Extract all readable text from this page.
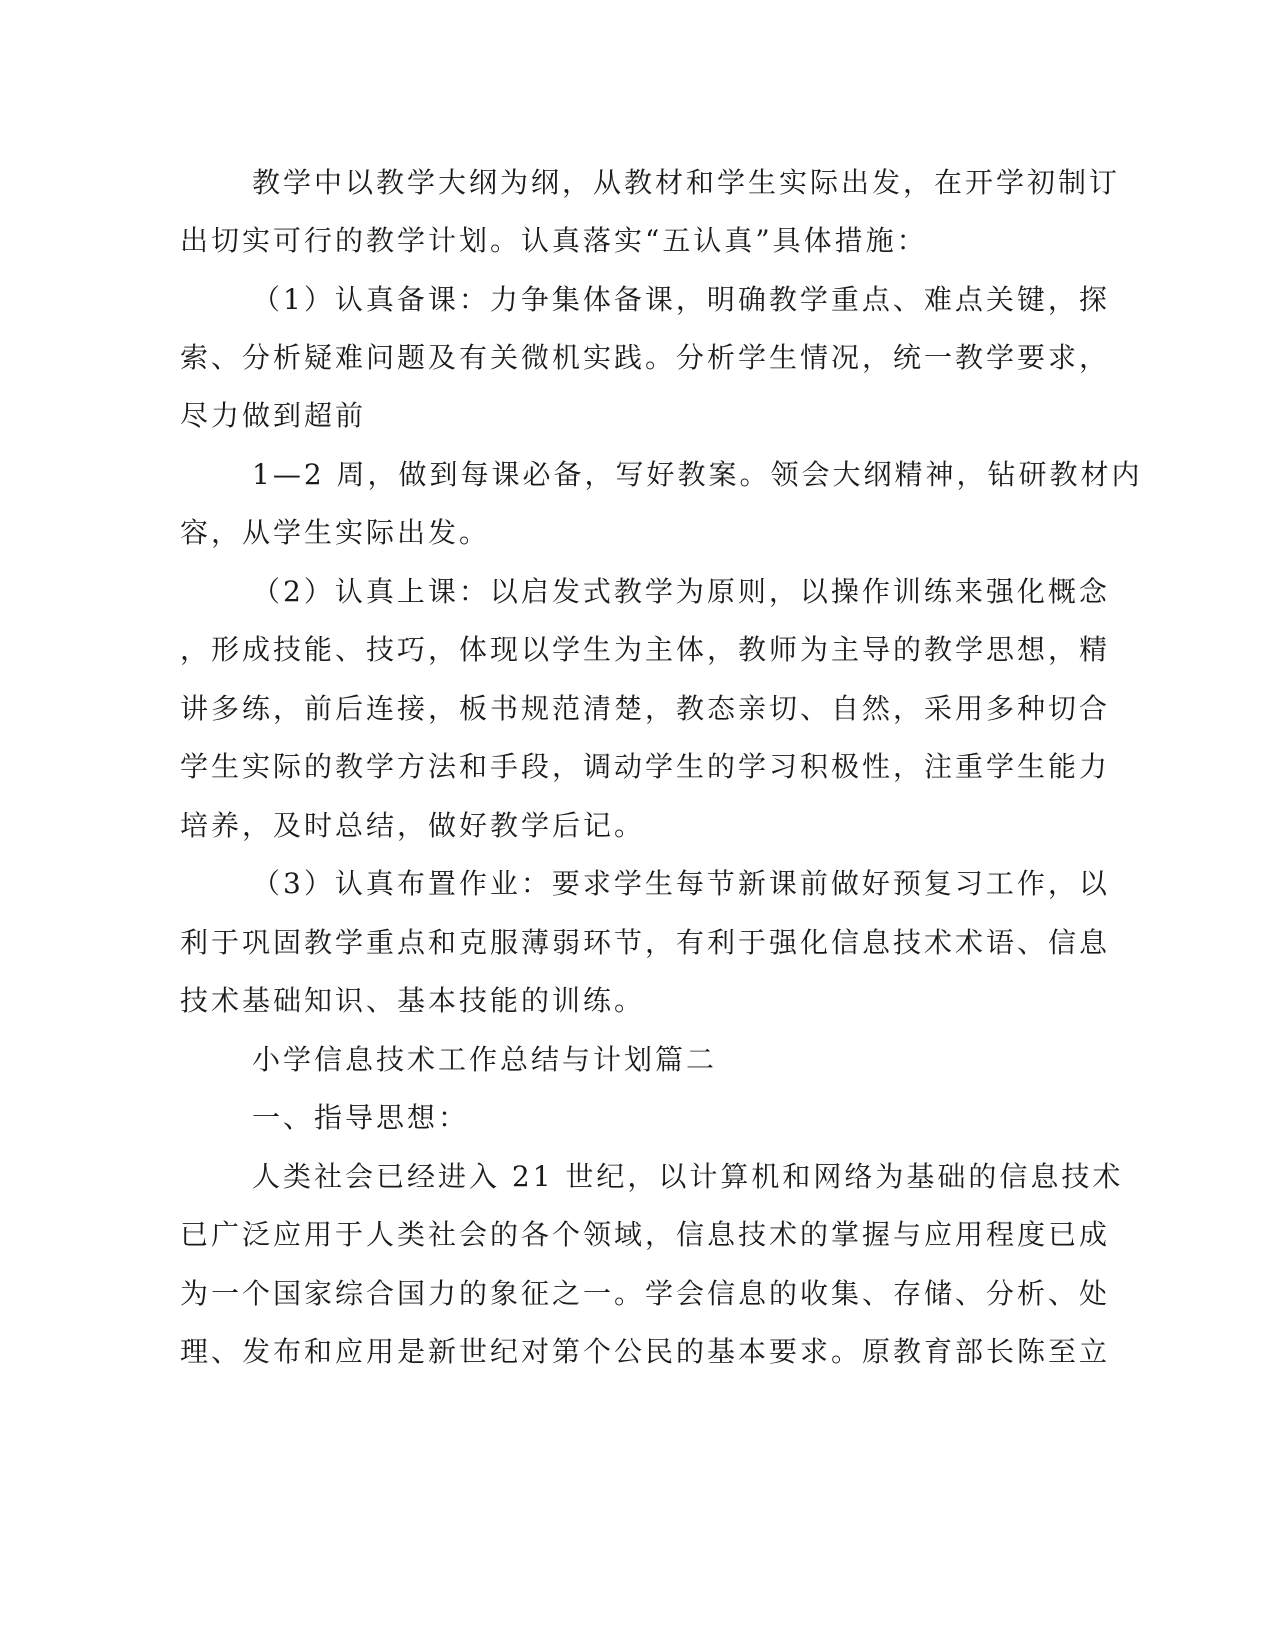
教学中以教学大纲为纲，从教材和学生实际出发，在开学初制订
出切实可行的教学计划。认真落实“五认真”具体措施：
（1）认真备课：力争集体备课，明确教学重点、难点关键，探
索、分析疑难问题及有关微机实践。分析学生情况，统一教学要求，
尽力做到超前
1—2 周，做到每课必备，写好教案。领会大纲精神，钻研教材内
容，从学生实际出发。
（2）认真上课：以启发式教学为原则，以操作训练来强化概念
，形成技能、技巧，体现以学生为主体，教师为主导的教学思想，精
讲多练，前后连接，板书规范清楚，教态亲切、自然，采用多种切合
学生实际的教学方法和手段，调动学生的学习积极性，注重学生能力
培养，及时总结，做好教学后记。
（3）认真布置作业：要求学生每节新课前做好预复习工作，以
利于巩固教学重点和克服薄弱环节，有利于强化信息技术术语、信息
技术基础知识、基本技能的训练。
小学信息技术工作总结与计划篇二
一、指导思想：
人类社会已经进入 21 世纪，以计算机和网络为基础的信息技术
已广泛应用于人类社会的各个领域，信息技术的掌握与应用程度已成
为一个国家综合国力的象征之一。学会信息的收集、存储、分析、处
理、发布和应用是新世纪对第个公民的基本要求。原教育部长陈至立
